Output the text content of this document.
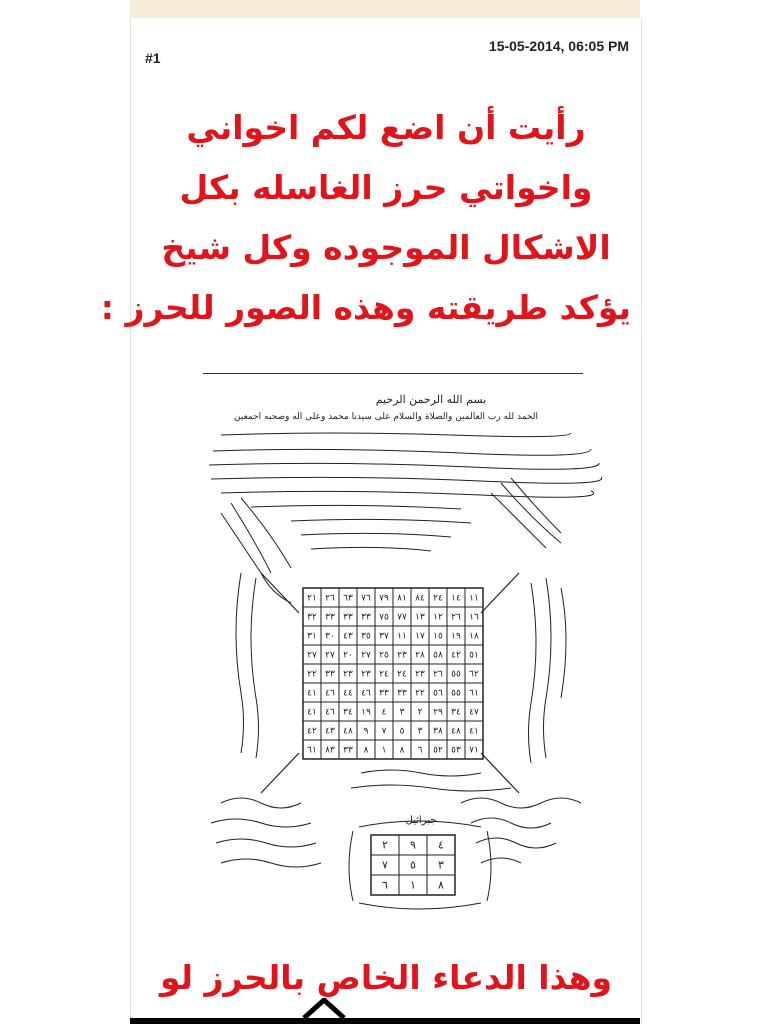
#1
15-05-2014, 06:05 PM
رأيت أن اضع لكم اخواني
واخواتي حرز الغاسله بكل
الاشكال الموجوده وكل شيخ
يؤكد طريقته وهذه الصور للحرز :
بسم الله الرحمن الرحيم
الحمد لله رب العالمين والصلاة والسلام على سيدنا محمد وعلى اله وصحبه اجمعين
١١
١٤
٢٤
٨٤
٨١
٧٩
٧٦
٦٣
٢٦
٢١
١٦
٢٦
١٢
١٣
٧٧
٧٥
٣٣
٣٣
٣٣
٣٢
١٨
١٩
١٥
١٧
١١
٣٧
٣٥
٤٣
٣٠
٣١
٥١
٤٢
٥٨
٢٨
٢٣
٢٥
٢٧
٢٠
٢٧
٢٧
٦٢
٥٥
٢٦
٢٣
٢٤
٢٤
٢٣
٢٣
٣٣
٢٢
٦١
٥٥
٥٦
٢٢
٣٣
٣٣
٤٦
٤٤
٤٦
٤١
٤٧
٣٤
٢٩
٢
٣
٤
١٩
٣٤
٤٦
٤١
٤١
٤٨
٣٨
٣
٥
٧
٩
٤٨
٤٣
٤٢
٧١
٥٣
٥٢
٦
٨
١
٨
٣٣
٨٣
٦١
جبرائيل
٤
٩
٢
٣
٥
٧
٨
١
٦
وهذا الدعاء الخاص بالحرز لو
